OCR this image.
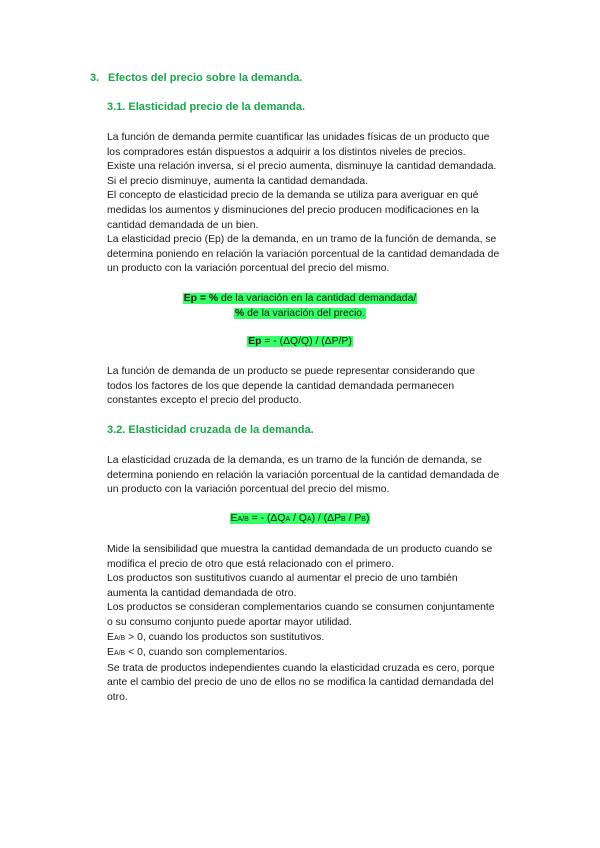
3. Efectos del precio sobre la demanda.
3.1. Elasticidad precio de la demanda.
La función de demanda permite cuantificar las unidades físicas de un producto que
los compradores están dispuestos a adquirir a los distintos niveles de precios.
Existe una relación inversa, si el precio aumenta, disminuye la cantidad demandada.
Si el precio disminuye, aumenta la cantidad demandada.
El concepto de elasticidad precio de la demanda se utiliza para averiguar en qué
medidas los aumentos y disminuciones del precio producen modificaciones en la
cantidad demandada de un bien.
La elasticidad precio (Ep) de la demanda, en un tramo de la función de demanda, se
determina poniendo en relación la variación porcentual de la cantidad demandada de
un producto con la variación porcentual del precio del mismo.
Ep = % de la variación en la cantidad demandada/
% de la variación del precio.
Ep = - (ΔQ/Q) / (ΔP/P)
La función de demanda de un producto se puede representar considerando que
todos los factores de los que depende la cantidad demandada permanecen
constantes excepto el precio del producto.
3.2. Elasticidad cruzada de la demanda.
La elasticidad cruzada de la demanda, es un tramo de la función de demanda, se
determina poniendo en relación la variación porcentual de la cantidad demandada de
un producto con la variación porcentual del precio del mismo.
EA/B = - (ΔQA / QA) / (ΔPB / PB)
Mide la sensibilidad que muestra la cantidad demandada de un producto cuando se
modifica el precio de otro que está relacionado con el primero.
Los productos son sustitutivos cuando al aumentar el precio de uno también
aumenta la cantidad demandada de otro.
Los productos se consideran complementarios cuando se consumen conjuntamente
o su consumo conjunto puede aportar mayor utilidad.
EA/B > 0, cuando los productos son sustitutivos.
EA/B < 0, cuando son complementarios.
Se trata de productos independientes cuando la elasticidad cruzada es cero, porque
ante el cambio del precio de uno de ellos no se modifica la cantidad demandada del
otro.
